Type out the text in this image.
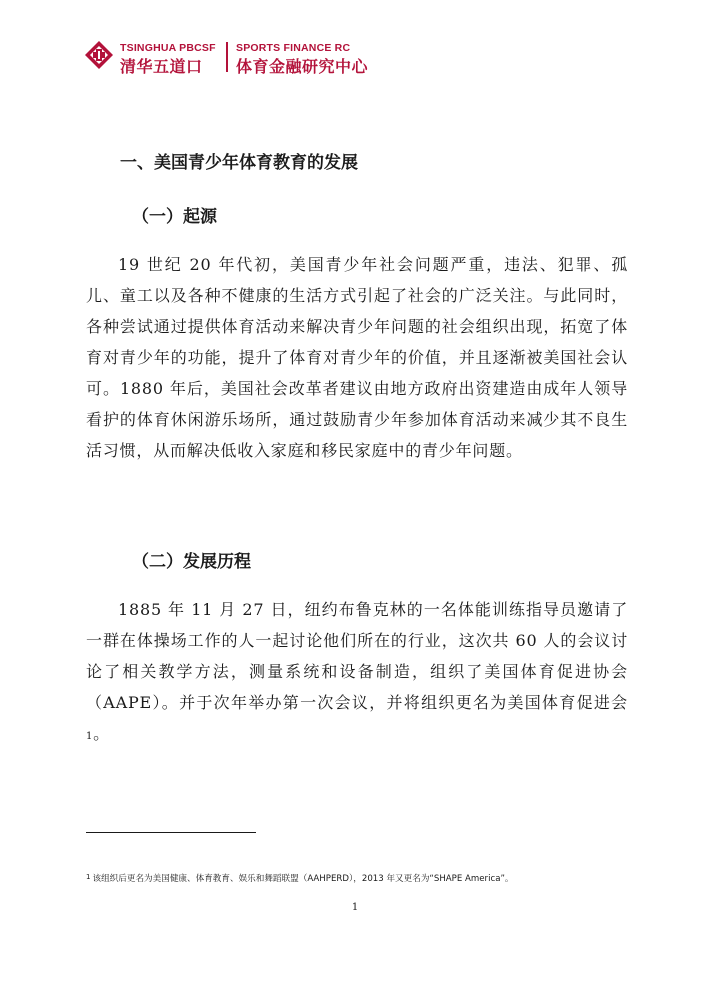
TSINGHUA PBCSF
清华五道口
SPORTS FINANCE RC
体育金融研究中心
一、美国青少年体育教育的发展
（一）起源
19 世纪 20 年代初，美国青少年社会问题严重，违法、犯罪、孤儿、童工以及各种不健康的生活方式引起了社会的广泛关注。与此同时，各种尝试通过提供体育活动来解决青少年问题的社会组织出现，拓宽了体育对青少年的功能，提升了体育对青少年的价值，并且逐渐被美国社会认可。1880 年后，美国社会改革者建议由地方政府出资建造由成年人领导看护的体育休闲游乐场所，通过鼓励青少年参加体育活动来减少其不良生活习惯，从而解决低收入家庭和移民家庭中的青少年问题。
（二）发展历程
1885 年 11 月 27 日，纽约布鲁克林的一名体能训练指导员邀请了一群在体操场工作的人一起讨论他们所在的行业，这次共 60 人的会议讨论了相关教学方法，测量系统和设备制造，组织了美国体育促进协会（AAPE）。并于次年举办第一次会议，并将组织更名为美国体育促进会1。
$^1$ 该组织后更名为美国健康、体育教育、娱乐和舞蹈联盟（AAHPERD），2013 年又更名为“SHAPE America”。
1
